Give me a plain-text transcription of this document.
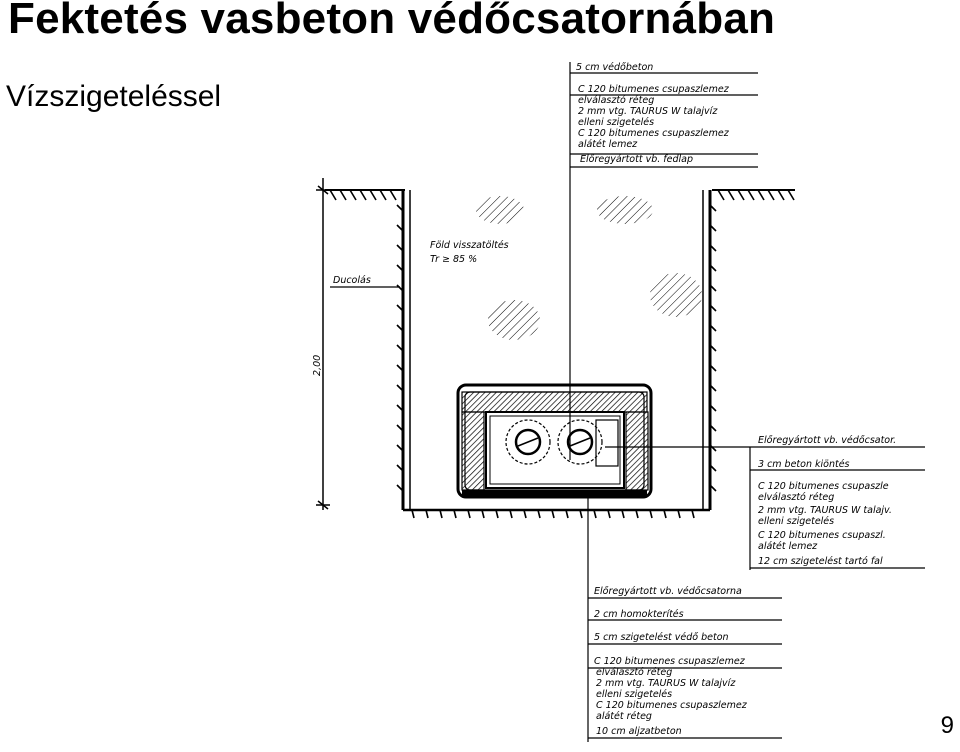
Fektetés vasbeton védőcsatornában
Vízszigeteléssel
9
2,00
Ducolás
Föld visszatöltés
Tr ≥ 85 %
5 cm védőbeton
C 120 bitumenes csupaszlemez
elválasztó réteg
2 mm vtg. TAURUS W talajvíz
elleni szigetelés
C 120 bitumenes csupaszlemez
alátét lemez
Előregyártott vb. fedlap
Előregyártott vb. védőcsator.
3 cm beton kiöntés
C 120 bitumenes csupaszle
elválasztó réteg
2 mm vtg. TAURUS W talajv.
elleni szigetelés
C 120 bitumenes csupaszl.
alátét lemez
12 cm szigetelést tartó fal
Előregyártott vb. védőcsatorna
2 cm homokterítés
5 cm szigetelést védő beton
C 120 bitumenes csupaszlemez
elválasztó réteg
2 mm vtg. TAURUS W talajvíz
elleni szigetelés
C 120 bitumenes csupaszlemez
alátét réteg
10 cm aljzatbeton
